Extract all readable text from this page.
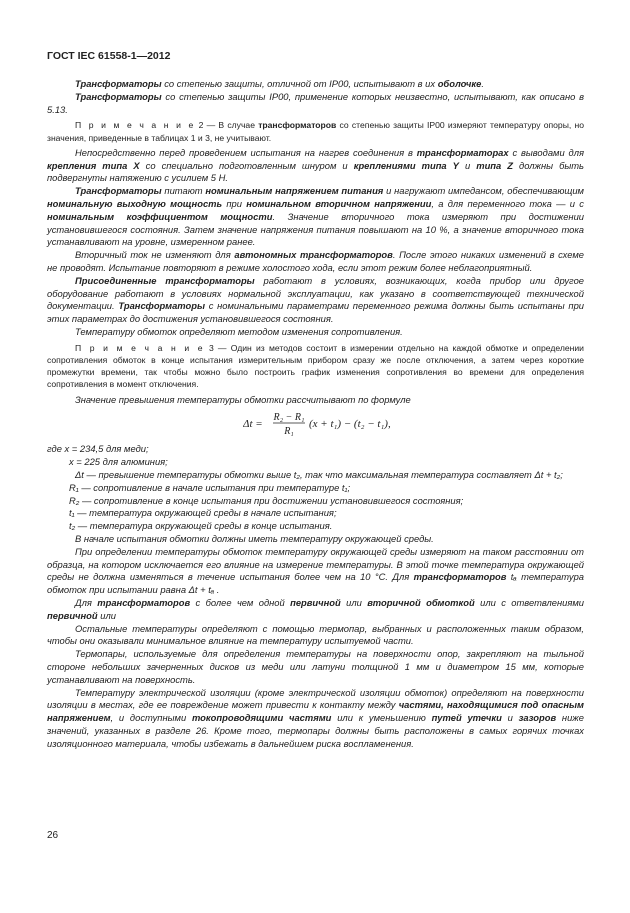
ГОСТ IEC 61558-1—2012

Трансформаторы со степенью защиты, отличной от IP00, испытывают в их оболочке.

Трансформаторы со степенью защиты IP00, применение которых неизвестно, испытывают, как описано в 5.13.

П р и м е ч а н и е 2 — В случае трансформаторов со степенью защиты IP00 измеряют температуру опоры, но значения, приведенные в таблицах 1 и 3, не учитывают.

Непосредственно перед проведением испытания на нагрев соединения в трансформаторах с выводами для крепления типа X со специально подготовленным шнуром и креплениями типа Y и типа Z должны быть подвергнуты натяжению с усилием 5 Н.

Трансформаторы питают номинальным напряжением питания и нагружают импедансом, обеспечивающим номинальную выходную мощность при номинальном вторичном напряжении, а для переменного тока — и с номинальным коэффициентом мощности. Значение вторичного тока измеряют при достижении установившегося состояния. Затем значение напряжения питания повышают на 10 %, а значение вторичного тока устанавливают на уровне, измеренном ранее.

Вторичный ток не изменяют для автономных трансформаторов. После этого никаких изменений в схеме не проводят. Испытание повторяют в режиме холостого хода, если этот режим более неблагоприятный.

Присоединенные трансформаторы работают в условиях, возникающих, когда прибор или другое оборудование работают в условиях нормальной эксплуатации, как указано в соответствующей технической документации. Трансформаторы с номинальными параметрами переменного режима должны быть испытаны при этих параметрах до достижения установившегося состояния.

Температуру обмоток определяют методом изменения сопротивления.

П р и м е ч а н и е 3 — Один из методов состоит в измерении отдельно на каждой обмотке и определении сопротивления обмоток в конце испытания измерительным прибором сразу же после отключения, а затем через короткие промежутки времени, так чтобы можно было построить график изменения сопротивления во времени для определения сопротивления в момент отключения.

Значение превышения температуры обмотки рассчитывают по формуле

Δt =
R₂ − R₁
R₁
(x + t₁) − (t₂ − t₁),

где x = 234,5 для меди;

x = 225 для алюминия;

Δt — превышение температуры обмотки выше t₂, так что максимальная температура составляет Δt + t₂;

R₁ — сопротивление в начале испытания при температуре t₁;

R₂ — сопротивление в конце испытания при достижении установившегося состояния;

t₁ — температура окружающей среды в начале испытания;

t₂ — температура окружающей среды в конце испытания.

В начале испытания обмотки должны иметь температуру окружающей среды.

При определении температуры обмоток температуру окружающей среды измеряют на таком расстоянии от образца, на котором исключается его влияние на измерение температуры. В этой точке температура окружающей среды не должна изменяться в течение испытания более чем на 10 °С. Для трансформаторов tₐ температура обмоток при испытании равна Δt + tₐ .

Для трансформаторов с более чем одной первичной или вторичной обмоткой или с ответвлениями первичной или

Остальные температуры определяют с помощью термопар, выбранных и расположенных таким образом, чтобы они оказывали минимальное влияние на температуру испытуемой части.

Термопары, используемые для определения температуры на поверхности опор, закрепляют на тыльной стороне небольших зачерненных дисков из меди или латуни толщиной 1 мм и диаметром 15 мм, которые устанавливают на поверхность.

Температуру электрической изоляции (кроме электрической изоляции обмоток) определяют на поверхности изоляции в местах, где ее повреждение может привести к контакту между частями, находящимися под опасным напряжением, и доступными токопроводящими частями или к уменьшению путей утечки и зазоров ниже значений, указанных в разделе 26. Кроме того, термопары должны быть расположены в самых горячих точках изоляционного материала, чтобы избежать в дальнейшем риска воспламенения.

26
